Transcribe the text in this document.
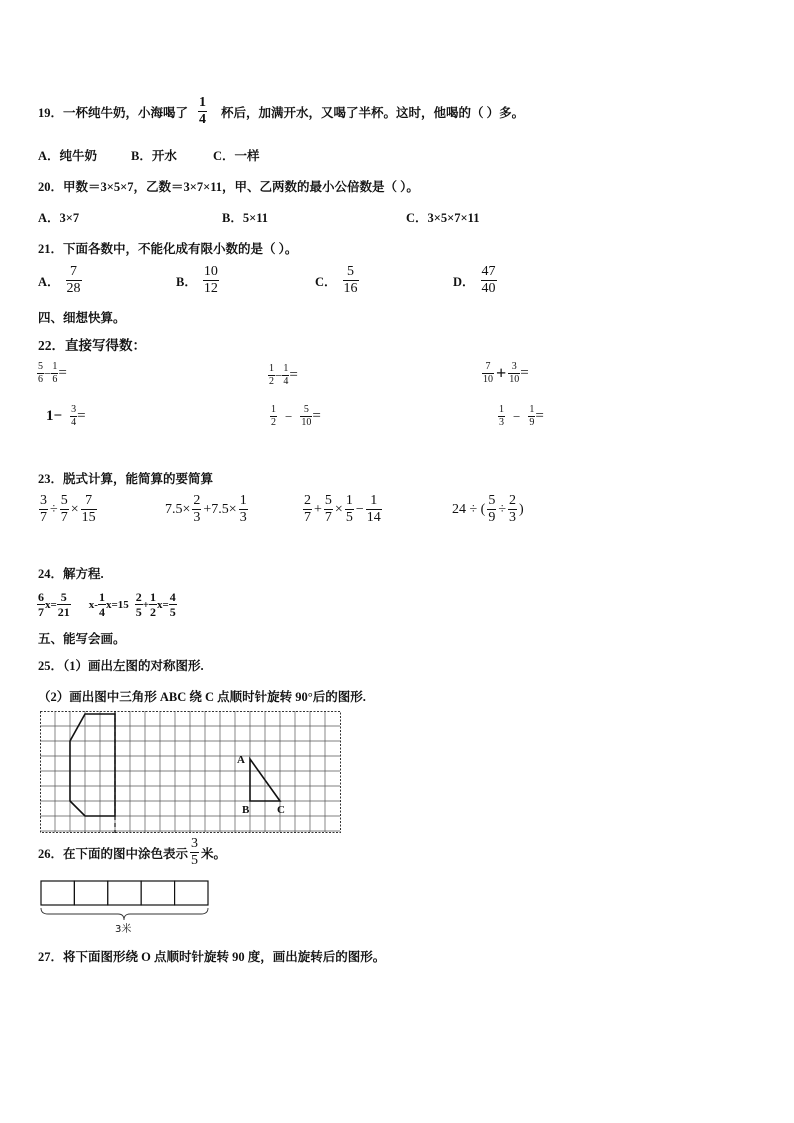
19．一杯纯牛奶，小海喝了 $\frac{1}{4}$ 杯后，加满开水，又喝了半杯。这时，他喝的（ ）多。
A．纯牛奶	B．开水	C．一样
20．甲数＝3×5×7，乙数＝3×7×11，甲、乙两数的最小公倍数是（ ）。
A．3×7	B．5×11	C．3×5×7×11
21．下面各数中，不能化成有限小数的是（ ）。
A． $\frac{7}{28}$	B． $\frac{10}{12}$	C． $\frac{5}{16}$	D． $\frac{47}{40}$
四、细想快算。
22．直接写得数：
$\frac{5}{6} - \frac{1}{6}$ =	$\frac{1}{2} - \frac{1}{4}$ =	$\frac{7}{10} + \frac{3}{10}$ =
$1- \frac{3}{4}$ =	$\frac{1}{2} - \frac{5}{10}$ =	$\frac{1}{3} - \frac{1}{9}$ =
23．脱式计算，能简算的要简算
$\frac{3}{7} \div \frac{5}{7} \times \frac{7}{15}$	$7.5\times \frac{2}{3} +7.5\times \frac{1}{3}$	$\frac{2}{7} + \frac{5}{7} \times \frac{1}{5} - \frac{1}{14}$	24 ÷ ( $\frac{5}{9} \div \frac{2}{3}$ )
24．解方程.
$\frac{6}{7} x= \frac{5}{21} x- \frac{1}{4} x=15 \frac{2}{5} + \frac{1}{2} x= \frac{4}{5}$
五、能写会画。
25．（1）画出左图的对称图形.
（2）画出图中三角形 ABC 绕 C 点顺时针旋转 90°后的图形.
A
B	C
26．在下面的图中涂色表示 $\frac{3}{5}$ 米。
3米
27．将下面图形绕 O 点顺时针旋转 90 度，画出旋转后的图形。
